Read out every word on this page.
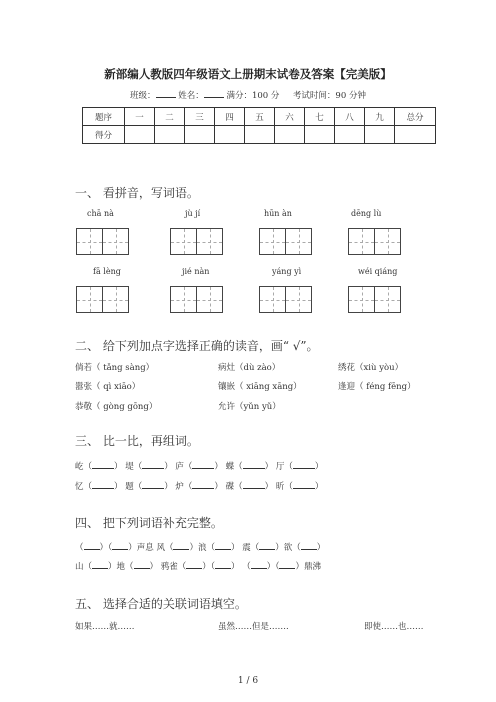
新部编人教版四年级语文上册期末试卷及答案【完美版】
班级：	姓名：	满分：100 分 考试时间：90 分钟
题序	一	二	三	四	五	六	七	八	九	总分
得分										
一、 看拼音，写词语。
chā nà	jù jí	hūn àn	dēng lù
fā lèng	jié nàn	yáng yì	wéi qiáng
二、 给下列加点字选择正确的读音，画“ √”。
倘若（ tǎng sàng）	病灶（dù zào）	绣花（xiù yòu）
嚣张（ qì xiāo）	镶嵌（ xiāng xāng）	逢迎（ féng fēng）
恭敬（ gòng gōng）	允许（yǔn yǔ）
三、 比一比，再组词。
屹（	） 堤（	） 庐（	） 蝶（	） 厅（	）
忆（	） 题（	） 炉（	） 碟（	） 昕（	）
四、 把下列词语补充完整。
（ ）（ ）声息 风（ ）浪（ ） 震（ ）欲（ ）
山（ ）地（ ） 鸦雀（ ）（ ） （ ）（ ）鼎沸
五、 选择合适的关联词语填空。
如果……就……	虽然……但是…….	即使……也……
1 / 6
